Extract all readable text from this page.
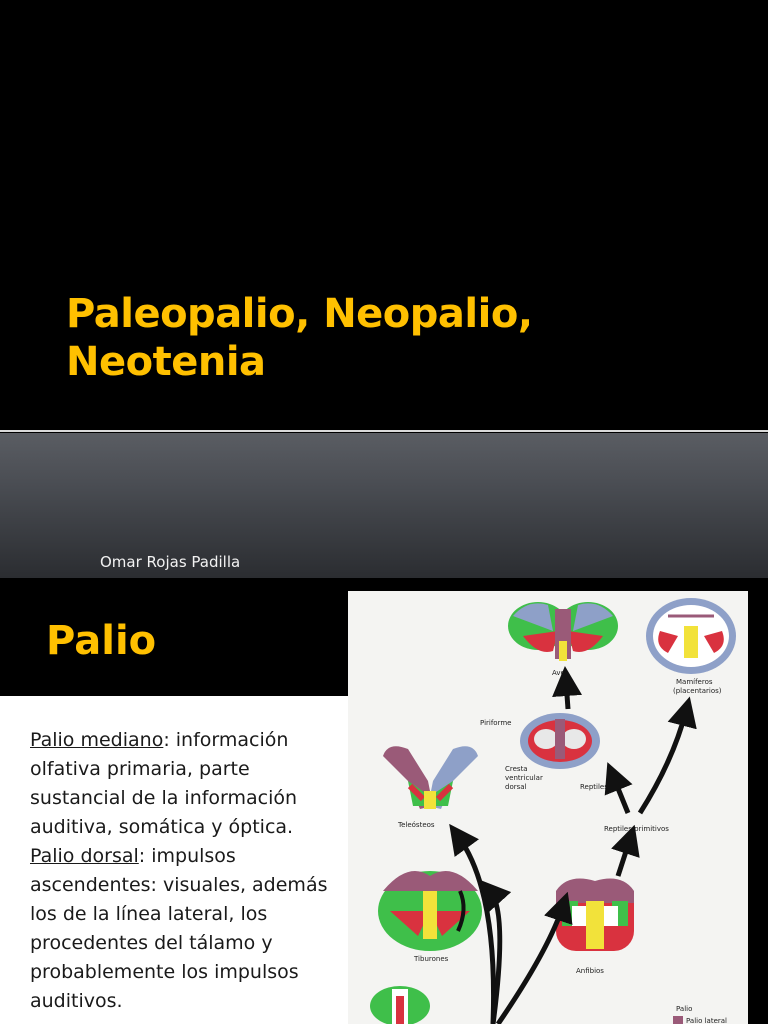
Paleopalio, Neopalio,
Neotenia

Omar Rojas Padilla

Palio

Palio mediano: información olfativa primaria, parte sustancial de la información auditiva, somática y óptica.
Palio dorsal: impulsos ascendentes: visuales, además los de la línea lateral, los procedentes del tálamo y probablemente los impulsos auditivos.

Aves
Mamíferos
(placentarios)
Reptiles
Piriforme
Cresta
ventricular
dorsal
Teleósteos	Reptiles primitivos
Tiburones
Anfibios
Palio
Palio lateral
